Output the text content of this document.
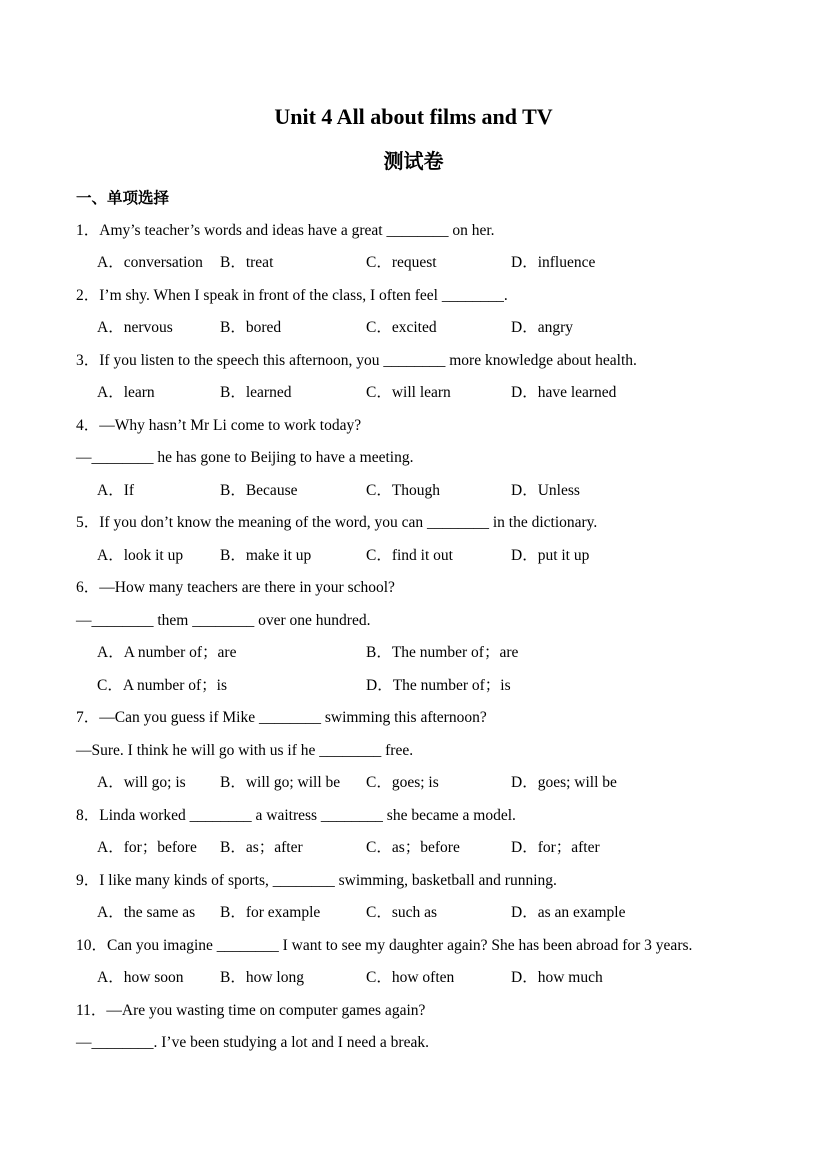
Unit 4 All about films and TV
测试卷
一、单项选择
1．Amy’s teacher’s words and ideas have a great ________ on her.
A．conversation	B．treat	C．request	D．influence
2．I’m shy. When I speak in front of the class, I often feel ________.
A．nervous	B．bored	C．excited	D．angry
3．If you listen to the speech this afternoon, you ________ more knowledge about health.
A．learn	B．learned	C．will learn	D．have learned
4．—Why hasn’t Mr Li come to work today?
—________ he has gone to Beijing to have a meeting.
A．If	B．Because	C．Though	D．Unless
5．If you don’t know the meaning of the word, you can ________ in the dictionary.
A．look it up	B．make it up	C．find it out	D．put it up
6．—How many teachers are there in your school?
—________ them ________ over one hundred.
A．A number of；are	B．The number of；are
C．A number of；is	D．The number of；is
7．—Can you guess if Mike ________ swimming this afternoon?
—Sure. I think he will go with us if he ________ free.
A．will go; is	B．will go; will be	C．goes; is	D．goes; will be
8．Linda worked ________ a waitress ________ she became a model.
A．for；before	B．as；after	C．as；before	D．for；after
9．I like many kinds of sports, ________ swimming, basketball and running.
A．the same as	B．for example	C．such as	D．as an example
10．Can you imagine ________ I want to see my daughter again? She has been abroad for 3 years.
A．how soon	B．how long	C．how often	D．how much
11．—Are you wasting time on computer games again?
—________. I’ve been studying a lot and I need a break.
